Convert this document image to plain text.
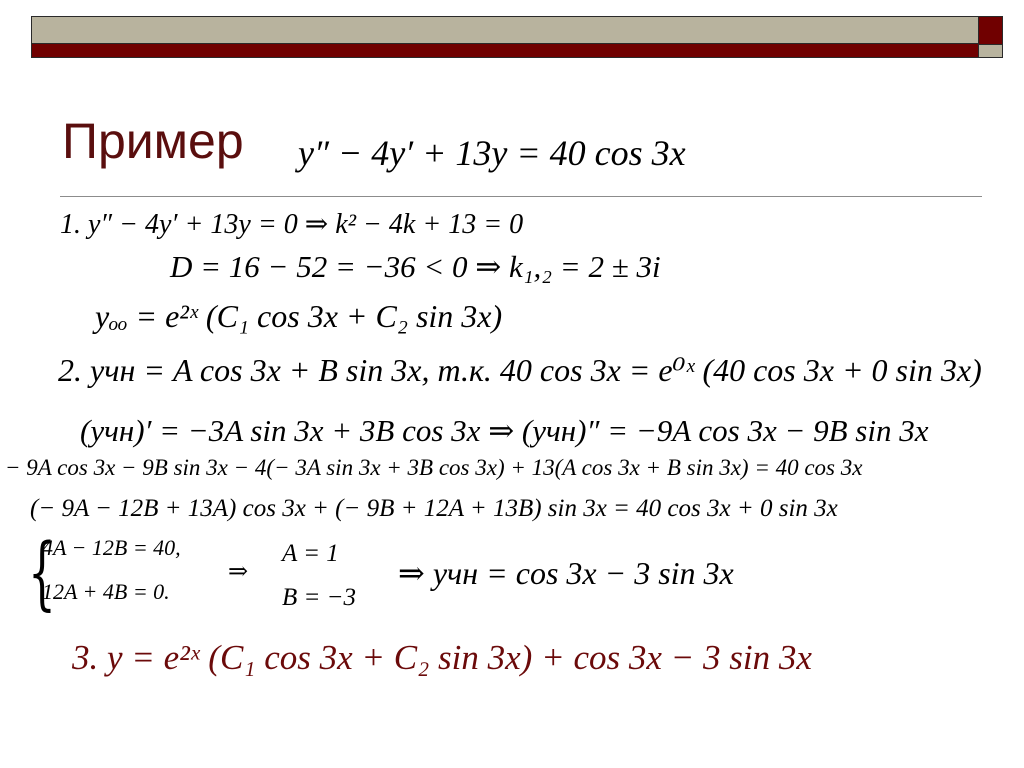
Пример y″ − 4y′ + 13y = 40 cos 3x
1. y″ − 4y′ + 13y = 0 ⇒ k² − 4k + 13 = 0
D = 16 − 52 = −36 < 0 ⇒ k₁,₂ = 2 ± 3i
yₒₒ = e²ˣ (C₁ cos 3x + C₂ sin 3x)
2. yчн = A cos 3x + B sin 3x, т.к. 40 cos 3x = e⁰ˣ (40 cos 3x + 0 sin 3x)
(yчн)′ = −3A sin 3x + 3B cos 3x ⇒ (yчн)″ = −9A cos 3x − 9B sin 3x
− 9A cos 3x − 9B sin 3x − 4(− 3A sin 3x + 3B cos 3x) + 13(A cos 3x + B sin 3x) = 40 cos 3x
(− 9A − 12B + 13A) cos 3x + (− 9B + 12A + 13B) sin 3x = 40 cos 3x + 0 sin 3x
{
4A − 12B = 40,
12A + 4B = 0.
⇒
A = 1
B = −3
⇒ yчн = cos 3x − 3 sin 3x
3. y = e²ˣ (C₁ cos 3x + C₂ sin 3x) + cos 3x − 3 sin 3x
